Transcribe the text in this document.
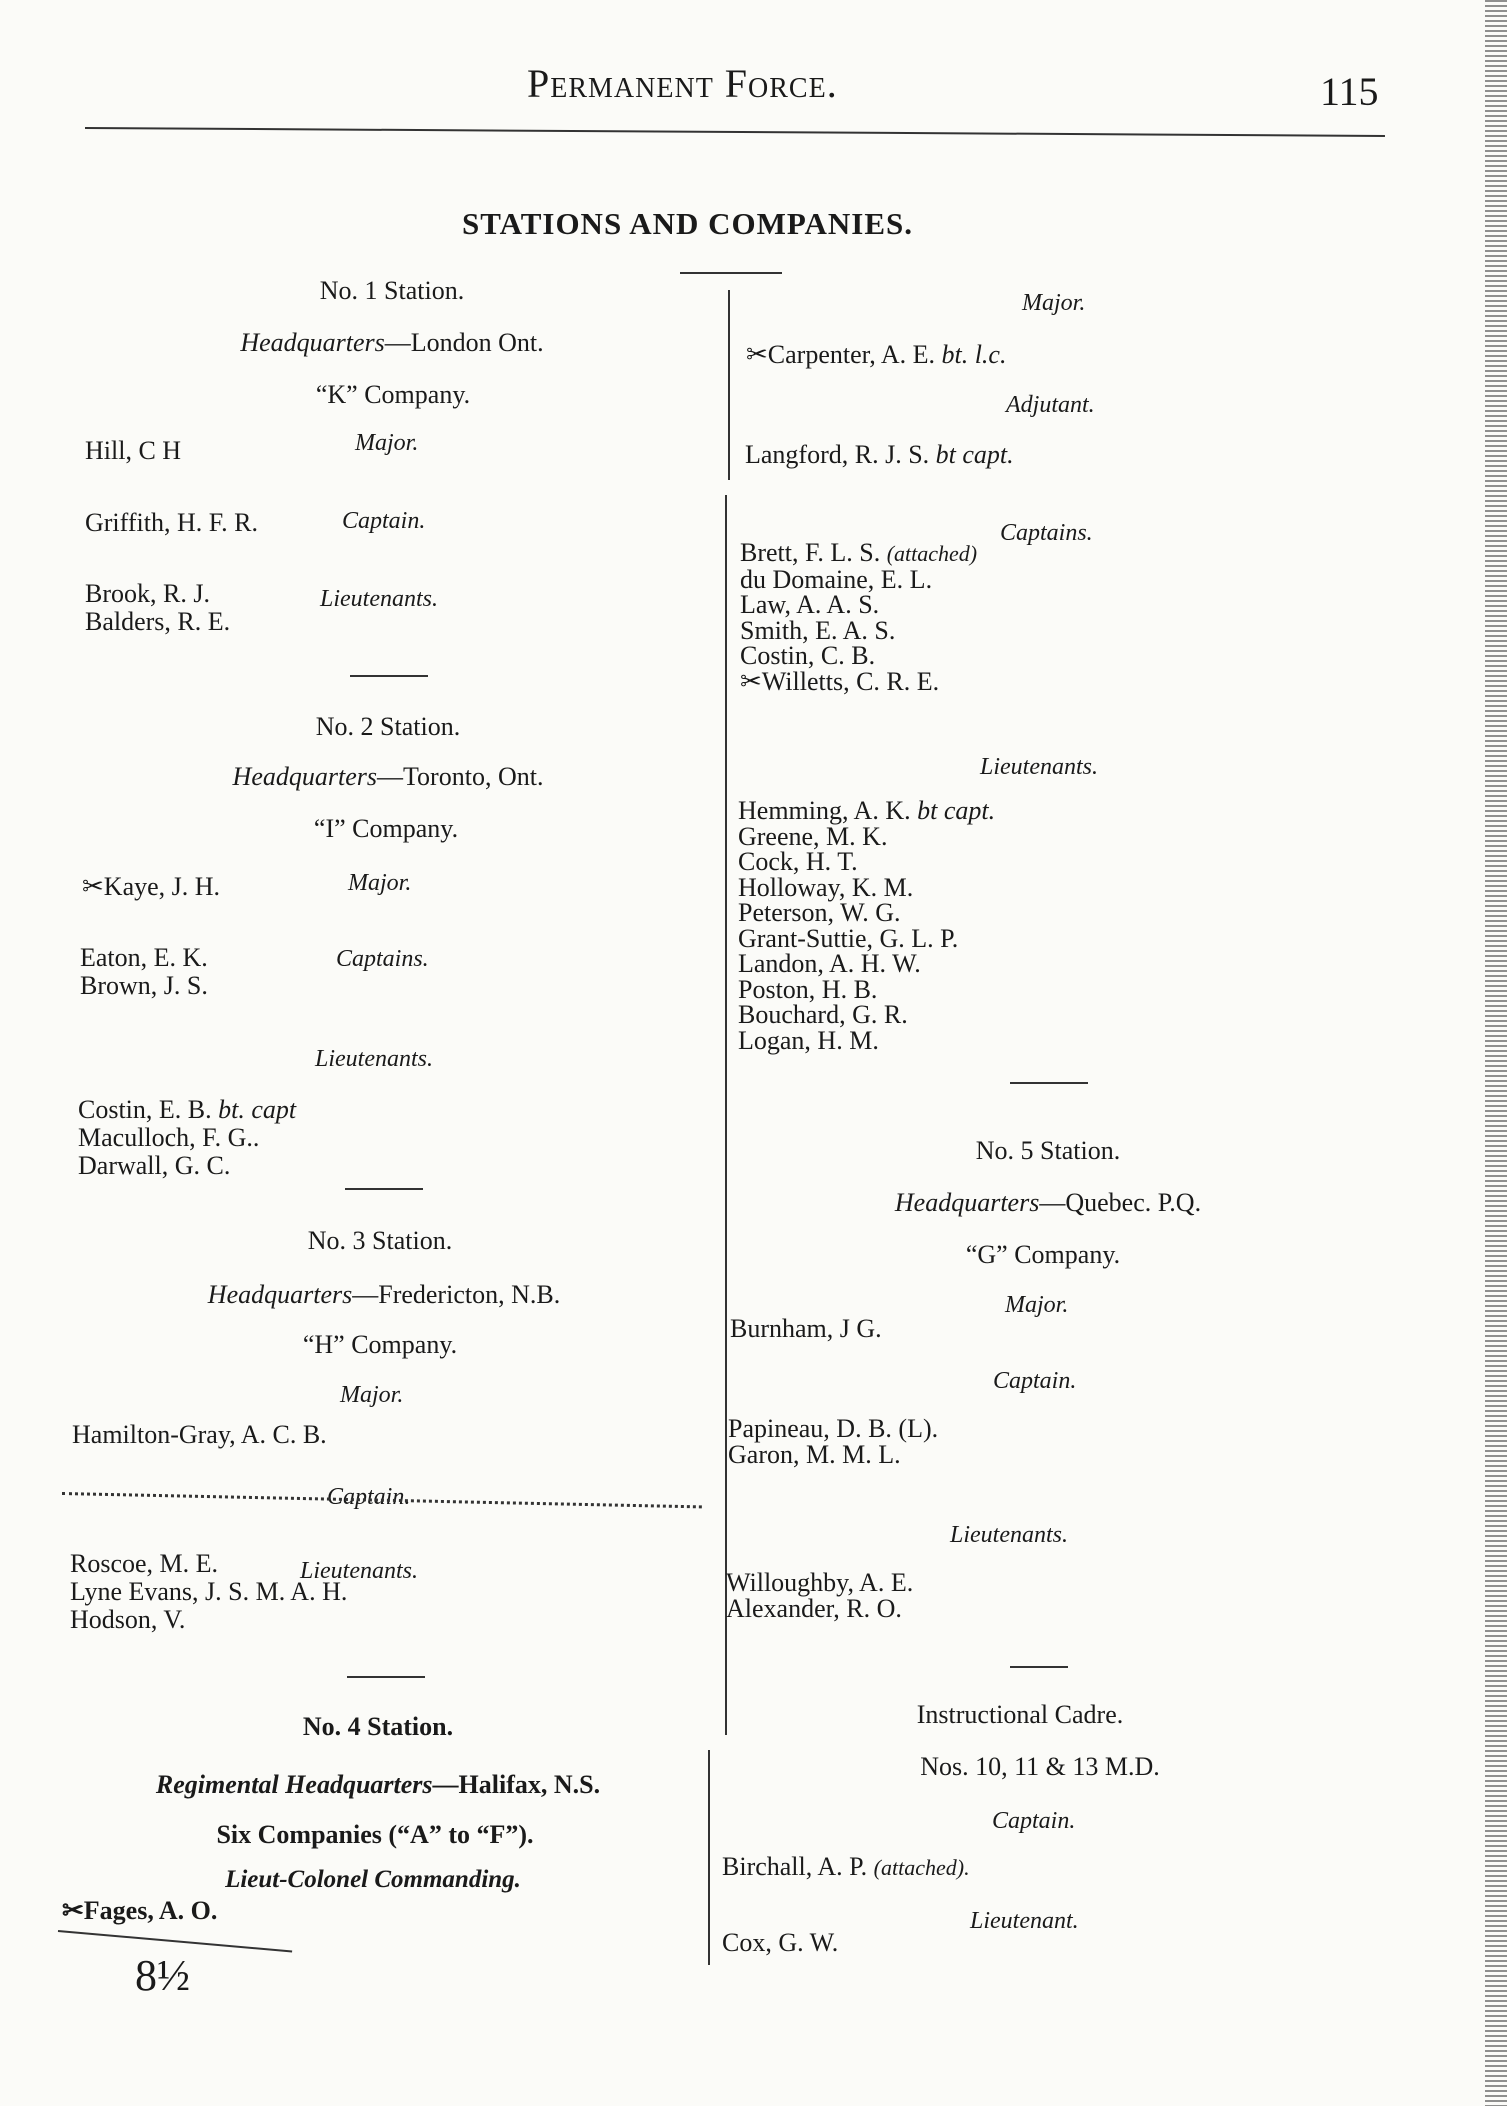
Permanent Force.	115
STATIONS AND COMPANIES.
No. 1 Station.
Headquarters—London Ont.
“K” Company.
Hill, C H	Major.
Griffith, H. F. R.	Captain.
Lieutenants.
Brook, R. J.
Balders, R. E.
No. 2 Station.
Headquarters—Toronto, Ont.
“I” Company.
✂Kaye, J. H.	Major.
Eaton, E. K.
Brown, J. S.
Captains.
Lieutenants.
Costin, E. B. bt. capt
Maculloch, F. G..
Darwall, G. C.
No. 3 Station.
Headquarters—Fredericton, N.B.
“H” Company.
Major.
Hamilton-Gray, A. C. B.
Captain.
Lieutenants.
Roscoe, M. E.
Lyne Evans, J. S. M. A. H.
Hodson, V.
No. 4 Station.
Regimental Headquarters—Halifax, N.S.
Six Companies (“A” to “F”).
Lieut-Colonel Commanding.
✂Fages, A. O.
8½
Major.
✂Carpenter, A. E. bt. l.c.
Adjutant.
Langford, R. J. S. bt capt.
Captains.
Brett, F. L. S. (attached)
du Domaine, E. L.
Law, A. A. S.
Smith, E. A. S.
Costin, C. B.
✂Willetts, C. R. E.
Lieutenants.
Hemming, A. K. bt capt.
Greene, M. K.
Cock, H. T.
Holloway, K. M.
Peterson, W. G.
Grant-Suttie, G. L. P.
Landon, A. H. W.
Poston, H. B.
Bouchard, G. R.
Logan, H. M.
No. 5 Station.
Headquarters—Quebec. P.Q.
“G” Company.
Major.
Burnham, J G.
Captain.
Papineau, D. B. (L).
Garon, M. M. L.
Lieutenants.
Willoughby, A. E.
Alexander, R. O.
Instructional Cadre.
Nos. 10, 11 & 13 M.D.
Captain.
Birchall, A. P. (attached).
Lieutenant.
Cox, G. W.
